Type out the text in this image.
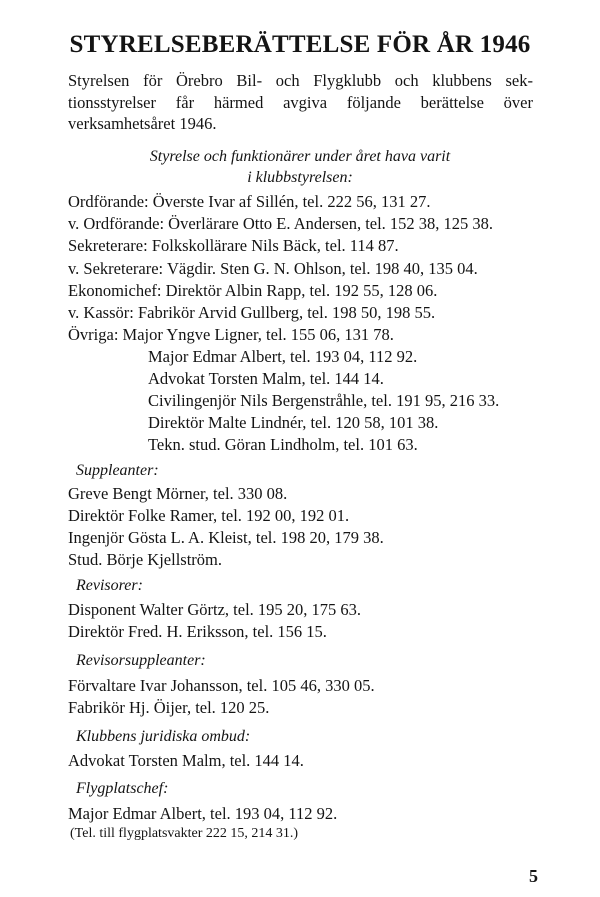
STYRELSEBERÄTTELSE FÖR ÅR 1946
Styrelsen för Örebro Bil- och Flygklubb och klubbens sek-
tionsstyrelser får härmed avgiva följande berättelse över
verksamhetsåret 1946.
Styrelse och funktionärer under året hava varit
i klubbstyrelsen:
Ordförande: Överste Ivar af Sillén, tel. 222 56, 131 27.
v. Ordförande: Överlärare Otto E. Andersen, tel. 152 38, 125 38.
Sekreterare: Folkskollärare Nils Bäck, tel. 114 87.
v. Sekreterare: Vägdir. Sten G. N. Ohlson, tel. 198 40, 135 04.
Ekonomichef: Direktör Albin Rapp, tel. 192 55, 128 06.
v. Kassör: Fabrikör Arvid Gullberg, tel. 198 50, 198 55.
Övriga: Major Yngve Ligner, tel. 155 06, 131 78.
Major Edmar Albert, tel. 193 04, 112 92.
Advokat Torsten Malm, tel. 144 14.
Civilingenjör Nils Bergenstråhle, tel. 191 95, 216 33.
Direktör Malte Lindnér, tel. 120 58, 101 38.
Tekn. stud. Göran Lindholm, tel. 101 63.
Suppleanter:
Greve Bengt Mörner, tel. 330 08.
Direktör Folke Ramer, tel. 192 00, 192 01.
Ingenjör Gösta L. A. Kleist, tel. 198 20, 179 38.
Stud. Börje Kjellström.
Revisorer:
Disponent Walter Görtz, tel. 195 20, 175 63.
Direktör Fred. H. Eriksson, tel. 156 15.
Revisorsuppleanter:
Förvaltare Ivar Johansson, tel. 105 46, 330 05.
Fabrikör Hj. Öijer, tel. 120 25.
Klubbens juridiska ombud:
Advokat Torsten Malm, tel. 144 14.
Flygplatschef:
Major Edmar Albert, tel. 193 04, 112 92.
(Tel. till flygplatsvakter 222 15, 214 31.)
5
